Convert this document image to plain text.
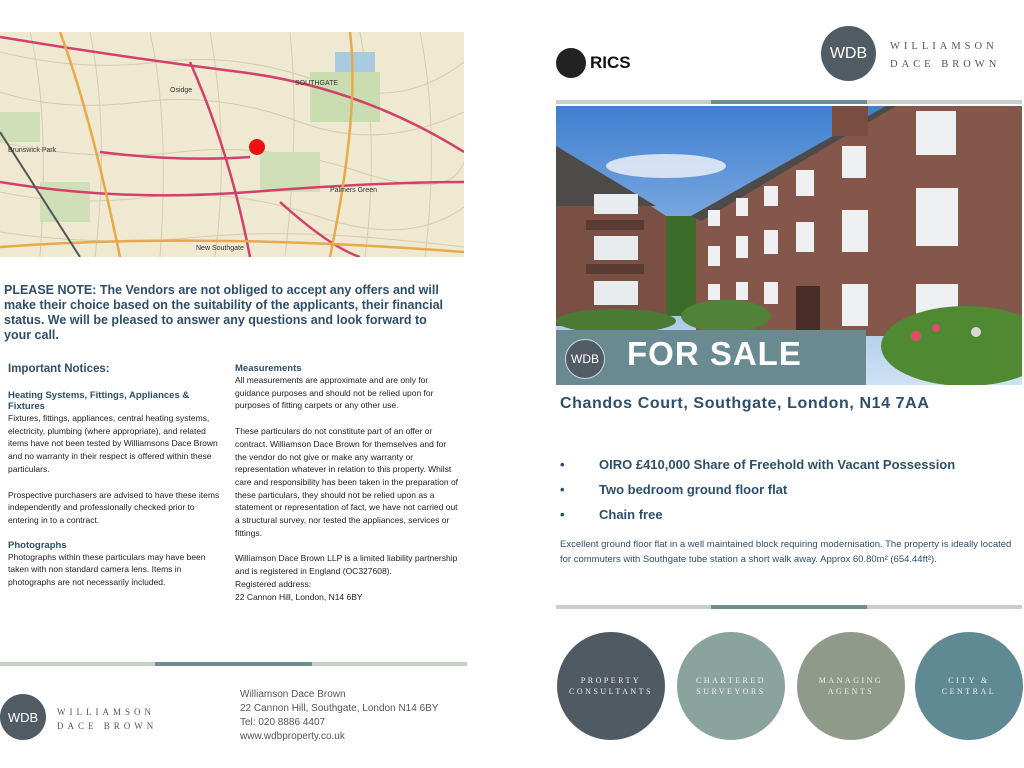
SOUTHGATE
Osidge
Brunswick Park
New Southgate
Palmers Green
PLEASE NOTE: The Vendors are not obliged to accept any offers and will make their choice based on the suitability of the applicants, their financial status. We will be pleased to answer any questions and look forward to your call.

Important Notices:

Heating Systems, Fittings, Appliances & Fixtures

Fixtures, fittings, appliances, central heating systems, electricity, plumbing (where appropriate), and related items have not been tested by Williamsons Dace Brown and no warranty in their respect is offered within these particulars.

Prospective purchasers are advised to have these items independently and professionally checked prior to entering in to a contract.

Photographs

Photographs within these particulars may have been taken with non standard camera lens. Items in photographs are not necessarily included.

Measurements

All measurements are approximate and are only for guidance purposes and should not be relied upon for purposes of fitting carpets or any other use.

These particulars do not constitute part of an offer or contract. Williamson Dace Brown for themselves and for the vendor do not give or make any warranty or representation whatever in relation to this property. Whilst care and responsibility has been taken in the preparation of these particulars, they should not be relied upon as a statement or representation of fact, we have not carried out a structural survey, nor tested the appliances, services or fittings.

Williamson Dace Brown LLP is a limited liability partnership and is registered in England (OC327608).

Registered address:

22 Cannon Hill, London, N14 6BY

WDB	WILLIAMSON
DACE BROWN
Williamson Dace Brown
22 Cannon Hill, Southgate, London N14 6BY
Tel: 020 8886 4407
www.wdbproperty.co.uk
RICS	WDB	WILLIAMSON
DACE BROWN
WDB FOR SALE
Chandos Court, Southgate, London, N14 7AA
• OIRO £410,000 Share of Freehold with Vacant Possession
• Two bedroom ground floor flat
• Chain free
Excellent ground floor flat in a well maintained block requiring modernisation. The property is ideally located for commuters with Southgate tube station a short walk away. Approx 60.80m² (654.44ft²).
PROPERTY
CONSULTANTS
CHARTERED
SURVEYORS
MANAGING
AGENTS
CITY &
CENTRAL
